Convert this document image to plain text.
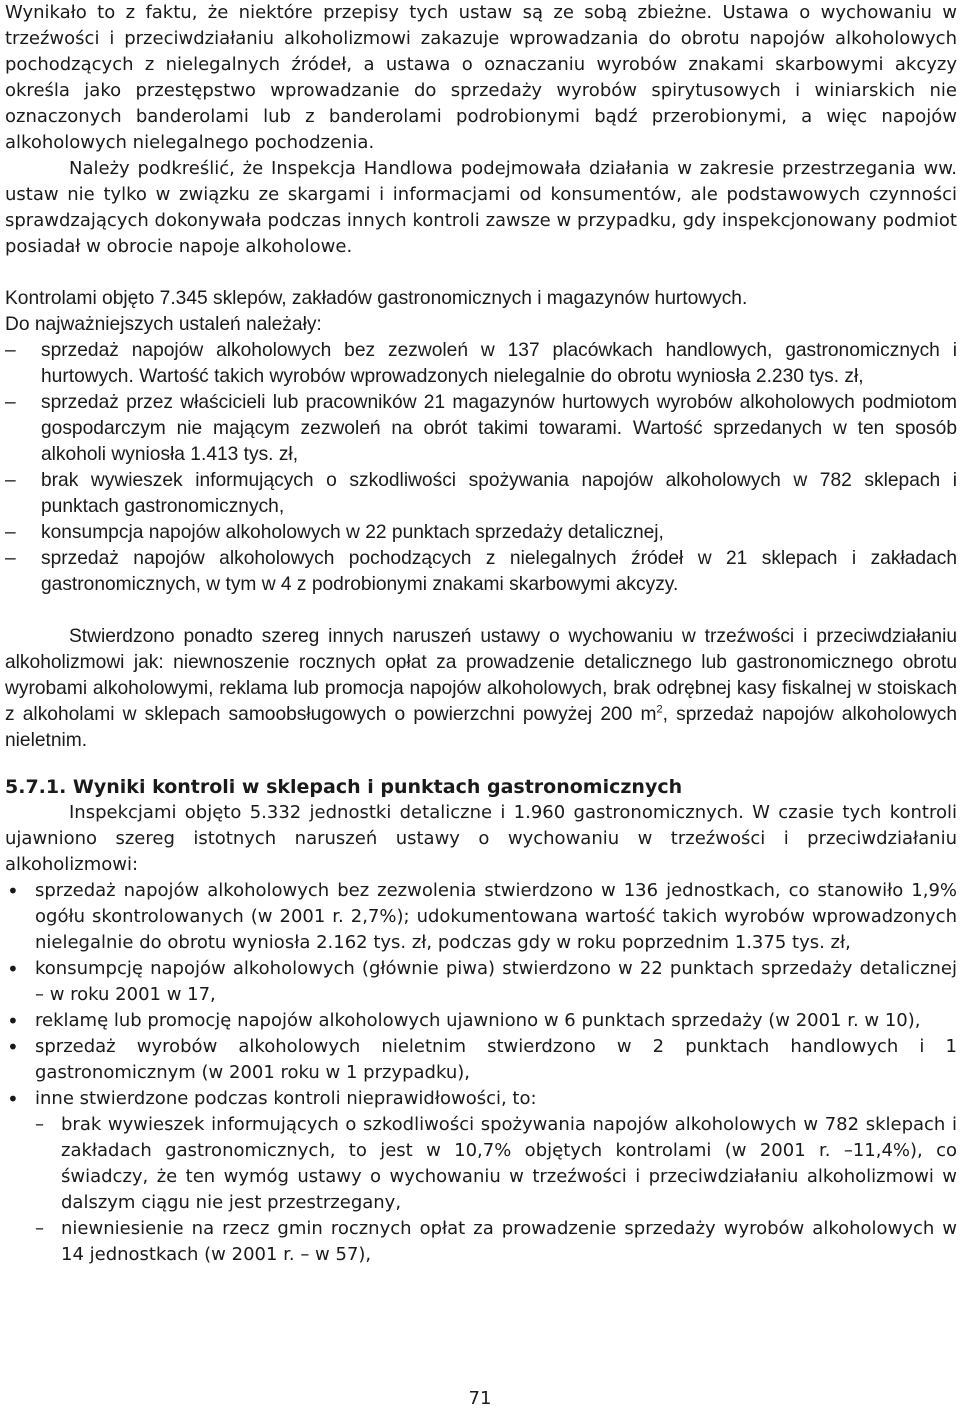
Wynikało to z faktu, że niektóre przepisy tych ustaw są ze sobą zbieżne. Ustawa o wychowaniu w trzeźwości i przeciwdziałaniu alkoholizmowi zakazuje wprowadzania do obrotu napojów alkoholowych pochodzących z nielegalnych źródeł, a ustawa o oznaczaniu wyrobów znakami skarbowymi akcyzy określa jako przestępstwo wprowadzanie do sprzedaży wyrobów spirytusowych i winiarskich nie oznaczonych banderolami lub z banderolami podrobionymi bądź przerobionymi, a więc napojów alkoholowych nielegalnego pochodzenia.

Należy podkreślić, że Inspekcja Handlowa podejmowała działania w zakresie przestrzegania ww. ustaw nie tylko w związku ze skargami i informacjami od konsumentów, ale podstawowych czynności sprawdzających dokonywała podczas innych kontroli zawsze w przypadku, gdy inspekcjonowany podmiot posiadał w obrocie napoje alkoholowe.

Kontrolami objęto 7.345 sklepów, zakładów gastronomicznych i magazynów hurtowych.

Do najważniejszych ustaleń należały:

– sprzedaż napojów alkoholowych bez zezwoleń w 137 placówkach handlowych, gastronomicznych i hurtowych. Wartość takich wyrobów wprowadzonych nielegalnie do obrotu wyniosła 2.230 tys. zł,
– sprzedaż przez właścicieli lub pracowników 21 magazynów hurtowych wyrobów alkoholowych podmiotom gospodarczym nie mającym zezwoleń na obrót takimi towarami. Wartość sprzedanych w ten sposób alkoholi wyniosła 1.413 tys. zł,
– brak wywieszek informujących o szkodliwości spożywania napojów alkoholowych w 782 sklepach i punktach gastronomicznych,
– konsumpcja napojów alkoholowych w 22 punktach sprzedaży detalicznej,
– sprzedaż napojów alkoholowych pochodzących z nielegalnych źródeł w 21 sklepach i zakładach gastronomicznych, w tym w 4 z podrobionymi znakami skarbowymi akcyzy.

Stwierdzono ponadto szereg innych naruszeń ustawy o wychowaniu w trzeźwości i przeciwdziałaniu alkoholizmowi jak: niewnoszenie rocznych opłat za prowadzenie detalicznego lub gastronomicznego obrotu wyrobami alkoholowymi, reklama lub promocja napojów alkoholowych, brak odrębnej kasy fiskalnej w stoiskach z alkoholami w sklepach samoobsługowych o powierzchni powyżej 200 $m^2$, sprzedaż napojów alkoholowych nieletnim.

5.7.1. Wyniki kontroli w sklepach i punktach gastronomicznych

Inspekcjami objęto 5.332 jednostki detaliczne i 1.960 gastronomicznych. W czasie tych kontroli ujawniono szereg istotnych naruszeń ustawy o wychowaniu w trzeźwości i przeciwdziałaniu alkoholizmowi:

• sprzedaż napojów alkoholowych bez zezwolenia stwierdzono w 136 jednostkach, co stanowiło 1,9% ogółu skontrolowanych (w 2001 r. 2,7%); udokumentowana wartość takich wyrobów wprowadzonych nielegalnie do obrotu wyniosła 2.162 tys. zł, podczas gdy w roku poprzednim 1.375 tys. zł,
• konsumpcję napojów alkoholowych (głównie piwa) stwierdzono w 22 punktach sprzedaży detalicznej – w roku 2001 w 17,
• reklamę lub promocję napojów alkoholowych ujawniono w 6 punktach sprzedaży (w 2001 r. w 10),
• sprzedaż wyrobów alkoholowych nieletnim stwierdzono w 2 punktach handlowych i 1 gastronomicznym (w 2001 roku w 1 przypadku),
• inne stwierdzone podczas kontroli nieprawidłowości, to:
– brak wywieszek informujących o szkodliwości spożywania napojów alkoholowych w 782 sklepach i zakładach gastronomicznych, to jest w 10,7% objętych kontrolami (w 2001 r. –11,4%), co świadczy, że ten wymóg ustawy o wychowaniu w trzeźwości i przeciwdziałaniu alkoholizmowi w dalszym ciągu nie jest przestrzegany,
– niewniesienie na rzecz gmin rocznych opłat za prowadzenie sprzedaży wyrobów alkoholowych w 14 jednostkach (w 2001 r. – w 57),
71
